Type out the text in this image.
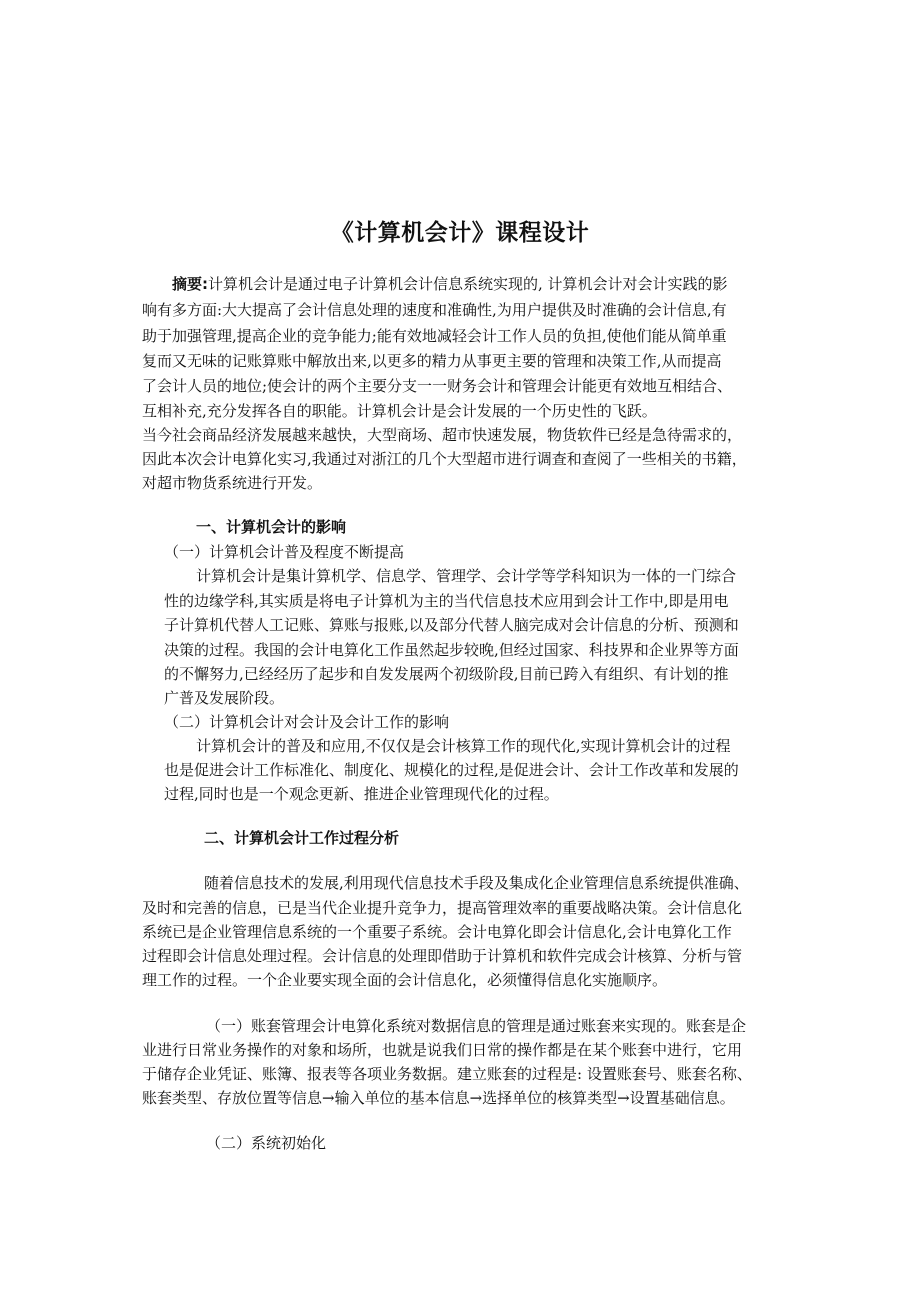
《计算机会计》课程设计
摘要:计算机会计是通过电子计算机会计信息系统实现的, 计算机会计对会计实践的影
响有多方面:大大提高了会计信息处理的速度和准确性,为用户提供及时准确的会计信息,有
助于加强管理,提高企业的竞争能力;能有效地减轻会计工作人员的负担,使他们能从简单重
复而又无味的记账算账中解放出来,以更多的精力从事更主要的管理和决策工作,从而提高
了会计人员的地位;使会计的两个主要分支一一财务会计和管理会计能更有效地互相结合、
互相补充,充分发挥各自的职能。计算机会计是会计发展的一个历史性的飞跃。
当今社会商品经济发展越来越快，大型商场、超市快速发展，物货软件已经是急待需求的，
因此本次会计电算化实习,我通过对浙江的几个大型超市进行调查和查阅了一些相关的书籍，
对超市物货系统进行开发。
一、计算机会计的影响
（一）计算机会计普及程度不断提高
计算机会计是集计算机学、信息学、管理学、会计学等学科知识为一体的一门综合
性的边缘学科,其实质是将电子计算机为主的当代信息技术应用到会计工作中,即是用电
子计算机代替人工记账、算账与报账,以及部分代替人脑完成对会计信息的分析、预测和
决策的过程。我国的会计电算化工作虽然起步较晚,但经过国家、科技界和企业界等方面
的不懈努力,已经经历了起步和自发发展两个初级阶段,目前已跨入有组织、有计划的推
广普及发展阶段。
（二）计算机会计对会计及会计工作的影响
计算机会计的普及和应用,不仅仅是会计核算工作的现代化,实现计算机会计的过程
也是促进会计工作标准化、制度化、规模化的过程,是促进会计、会计工作改革和发展的
过程,同时也是一个观念更新、推进企业管理现代化的过程。
二、计算机会计工作过程分析
随着信息技术的发展,利用现代信息技术手段及集成化企业管理信息系统提供准确、
及时和完善的信息，已是当代企业提升竞争力，提高管理效率的重要战略决策。会计信息化
系统已是企业管理信息系统的一个重要子系统。会计电算化即会计信息化,会计电算化工作
过程即会计信息处理过程。会计信息的处理即借助于计算机和软件完成会计核算、分析与管
理工作的过程。一个企业要实现全面的会计信息化，必须懂得信息化实施顺序。
（一）账套管理会计电算化系统对数据信息的管理是通过账套来实现的。账套是企
业进行日常业务操作的对象和场所，也就是说我们日常的操作都是在某个账套中进行，它用
于储存企业凭证、账簿、报表等各项业务数据。建立账套的过程是: 设置账套号、账套名称、
账套类型、存放位置等信息→输入单位的基本信息→选择单位的核算类型→设置基础信息。
（二）系统初始化
